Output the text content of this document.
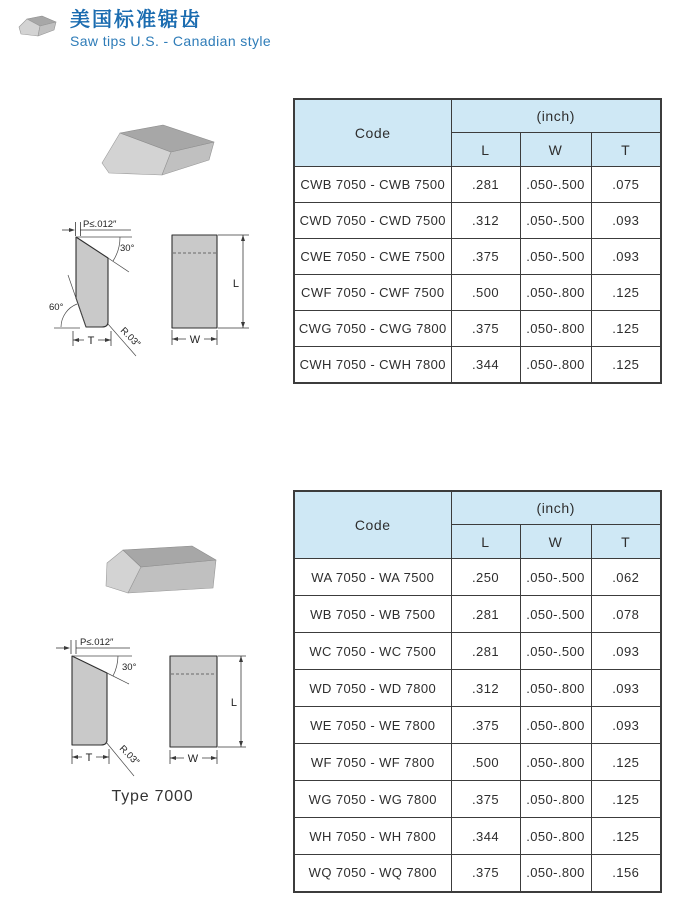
美国标准锯齿
Saw tips U.S. - Canadian style
P≤.012″
30°
60°
T R.03″	W
L
Code	(inch)		
	L	W	T
CWB 7050 - CWB 7500	.281	.050-.500	.075
CWD 7050 - CWD 7500	.312	.050-.500	.093
CWE 7050 - CWE 7500	.375	.050-.500	.093
CWF 7050 - CWF 7500	.500	.050-.800	.125
CWG 7050 - CWG 7800	.375	.050-.800	.125
CWH 7050 - CWH 7800	.344	.050-.800	.125
P≤.012″
30°
T	R.03″	W
L
Type 7000
Code	(inch)		
	L	W	T
WA 7050 - WA 7500	.250	.050-.500	.062
WB 7050 - WB 7500	.281	.050-.500	.078
WC 7050 - WC 7500	.281	.050-.500	.093
WD 7050 - WD 7800	.312	.050-.800	.093
WE 7050 - WE 7800	.375	.050-.800	.093
WF 7050 - WF 7800	.500	.050-.800	.125
WG 7050 - WG 7800	.375	.050-.800	.125
WH 7050 - WH 7800	.344	.050-.800	.125
WQ 7050 - WQ 7800	.375	.050-.800	.156
